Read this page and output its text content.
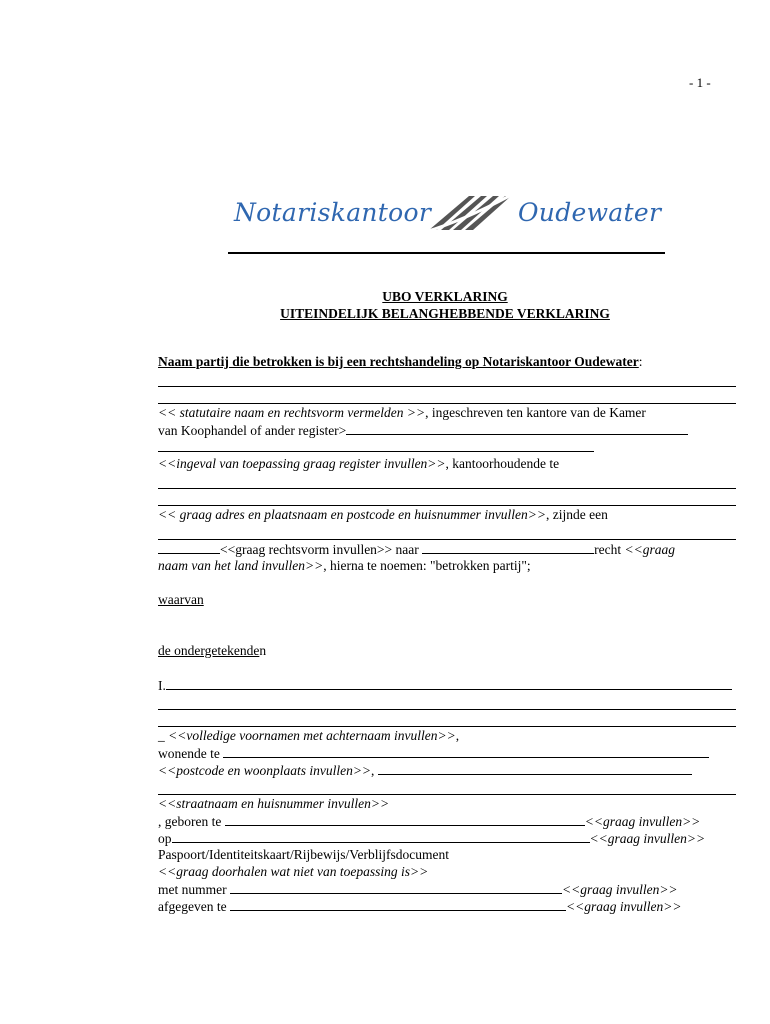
- 1 -
Notariskantoor	Oudewater
UBO VERKLARING
UITEINDELIJK BELANGHEBBENDE VERKLARING
Naam partij die betrokken is bij een rechtshandeling op Notariskantoor Oudewater:
<< statutaire naam en rechtsvorm vermelden >>, ingeschreven ten kantore van de Kamer
van Koophandel of ander register>
<<ingeval van toepassing graag register invullen>>, kantoorhoudende te
<< graag adres en plaatsnaam en postcode en huisnummer invullen>>, zijnde een
<<graag rechtsvorm invullen>> naar	recht <<graag
naam van het land invullen>>, hierna te noemen: "betrokken partij";
waarvan
de ondergetekenden
I.
_ <<volledige voornamen met achternaam invullen>>,
wonende te
<<postcode en woonplaats invullen>>,
<<straatnaam en huisnummer invullen>>
, geboren te	<<graag invullen>>
op	<<graag invullen>>
Paspoort/Identiteitskaart/Rijbewijs/Verblijfsdocument
<<graag doorhalen wat niet van toepassing is>>
met nummer	<<graag invullen>>
afgegeven te	<<graag invullen>>
